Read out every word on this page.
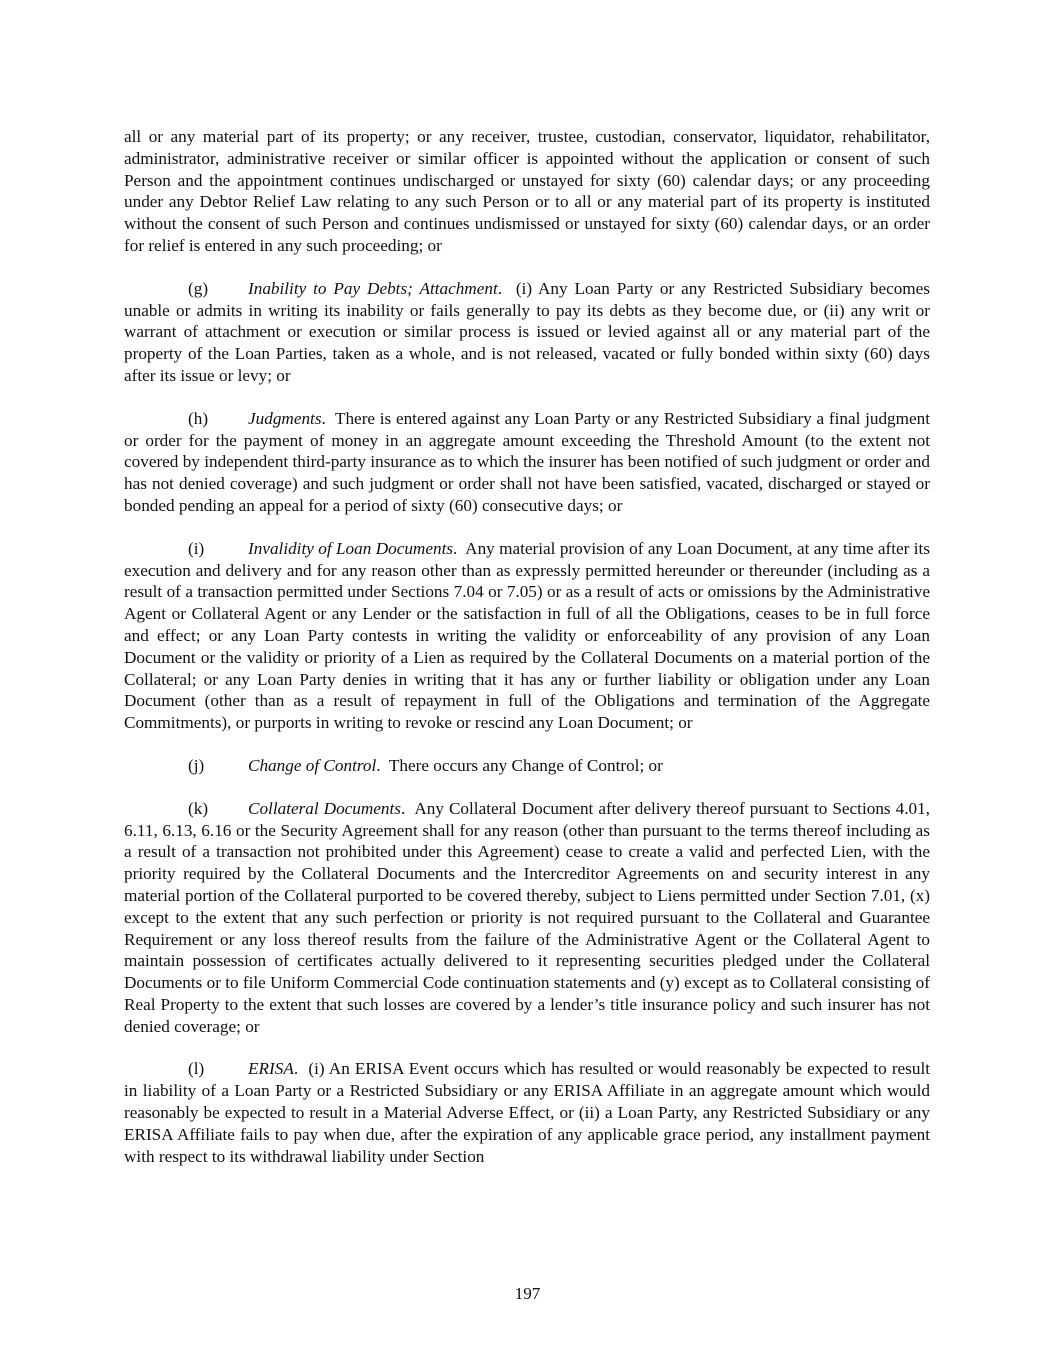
all or any material part of its property; or any receiver, trustee, custodian, conservator, liquidator, rehabilitator, administrator, administrative receiver or similar officer is appointed without the application or consent of such Person and the appointment continues undischarged or unstayed for sixty (60) calendar days; or any proceeding under any Debtor Relief Law relating to any such Person or to all or any material part of its property is instituted without the consent of such Person and continues undismissed or unstayed for sixty (60) calendar days, or an order for relief is entered in any such proceeding; or

(g) Inability to Pay Debts; Attachment. (i) Any Loan Party or any Restricted Subsidiary becomes unable or admits in writing its inability or fails generally to pay its debts as they become due, or (ii) any writ or warrant of attachment or execution or similar process is issued or levied against all or any material part of the property of the Loan Parties, taken as a whole, and is not released, vacated or fully bonded within sixty (60) days after its issue or levy; or

(h) Judgments. There is entered against any Loan Party or any Restricted Subsidiary a final judgment or order for the payment of money in an aggregate amount exceeding the Threshold Amount (to the extent not covered by independent third-party insurance as to which the insurer has been notified of such judgment or order and has not denied coverage) and such judgment or order shall not have been satisfied, vacated, discharged or stayed or bonded pending an appeal for a period of sixty (60) consecutive days; or

(i)	Invalidity of Loan Documents. Any material provision of any Loan Document, at any time after its execution and delivery and for any reason other than as expressly permitted hereunder or thereunder (including as a result of a transaction permitted under Sections 7.04 or 7.05) or as a result of acts or omissions by the Administrative Agent or Collateral Agent or any Lender or the satisfaction in full of all the Obligations, ceases to be in full force and effect; or any Loan Party contests in writing the validity or enforceability of any provision of any Loan Document or the validity or priority of a Lien as required by the Collateral Documents on a material portion of the Collateral; or any Loan Party denies in writing that it has any or further liability or obligation under any Loan Document (other than as a result of repayment in full of the Obligations and termination of the Aggregate Commitments), or purports in writing to revoke or rescind any Loan Document; or

(j)	Change of Control. There occurs any Change of Control; or

(k) Collateral Documents. Any Collateral Document after delivery thereof pursuant to Sections 4.01, 6.11, 6.13, 6.16 or the Security Agreement shall for any reason (other than pursuant to the terms thereof including as a result of a transaction not prohibited under this Agreement) cease to create a valid and perfected Lien, with the priority required by the Collateral Documents and the Intercreditor Agreements on and security interest in any material portion of the Collateral purported to be covered thereby, subject to Liens permitted under Section 7.01, (x) except to the extent that any such perfection or priority is not required pursuant to the Collateral and Guarantee Requirement or any loss thereof results from the failure of the Administrative Agent or the Collateral Agent to maintain possession of certificates actually delivered to it representing securities pledged under the Collateral Documents or to file Uniform Commercial Code continuation statements and (y) except as to Collateral consisting of Real Property to the extent that such losses are covered by a lender’s title insurance policy and such insurer has not denied coverage; or

(l)	ERISA. (i) An ERISA Event occurs which has resulted or would reasonably be expected to result in liability of a Loan Party or a Restricted Subsidiary or any ERISA Affiliate in an aggregate amount which would reasonably be expected to result in a Material Adverse Effect, or (ii) a Loan Party, any Restricted Subsidiary or any ERISA Affiliate fails to pay when due, after the expiration of any applicable grace period, any installment payment with respect to its withdrawal liability under Section

197
